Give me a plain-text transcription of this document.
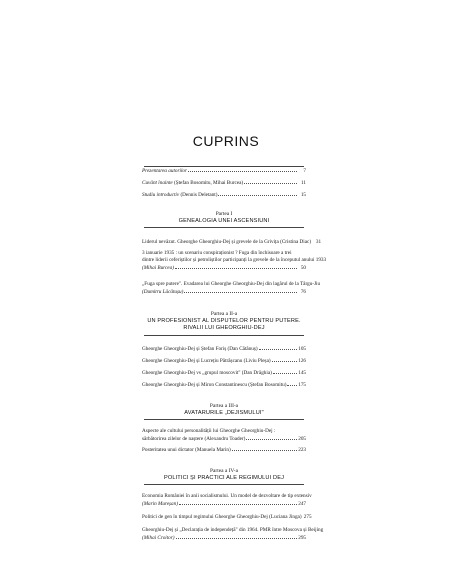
CUPRINS
Prezentarea autorilor	7
Cuvânt înainte (Ștefan Bosomitu, Mihai Burcea)	11
Studiu introductiv (Dennis Deletant)	15
Partea I
GENEALOGIA UNEI ASCENSIUNI
Liderul nevăzut. Gheorghe Gheorghiu-Dej și grevele de la Grivița (Cristina Diac) 31
3 ianuarie 1935 : un scenariu conspiraționist ? Fuga din închisoare a trei
dintre liderii ceferiștilor și petroliștilor participanți la grevele de la începutul anului 1933
(Mihai Burcea)	50
„Fuga spre putere". Evadarea lui Gheorghe Gheorghiu-Dej din lagărul de la Târgu-Jiu
(Dumitru Lăcătușu)	76
Partea a II-a
UN PROFESIONIST AL DISPUTELOR PENTRU PUTERE.
RIVALII LUI GHEORGHIU-DEJ
Gheorghe Gheorghiu-Dej și Ștefan Foriș (Dan Cătănuș)	105
Gheorghe Gheorghiu-Dej și Lucrețiu Pătrășcanu (Liviu Pleșa)	126
Gheorghe Gheorghiu-Dej vs „grupul moscovit" (Dan Drăghia)	145
Gheorghe Gheorghiu-Dej și Miron Constantinescu (Ștefan Bosomitu) 175
Partea a III-a
AVATARURILE „DEJISMULUI"
Aspecte ale cultului personalității lui Gheorghe Gheorghiu-Dej :
sărbătorirea zilelor de naștere (Alexandru Toader)	205
Posteritatea unui dictator (Manuela Marin)	223
Partea a IV-a
POLITICI ȘI PRACTICI ALE REGIMULUI DEJ
Economia României în anii socialismului. Un model de dezvoltare de tip extensiv
(Marin Mureșan)	247
Politici de gen în timpul regimului Gheorghe Gheorghiu-Dej (Luciana Jinga) 275
Gheorghiu-Dej și „Declarația de independeță" din 1964. PMR între Moscova și Beijing
(Mihai Croitor)	295
